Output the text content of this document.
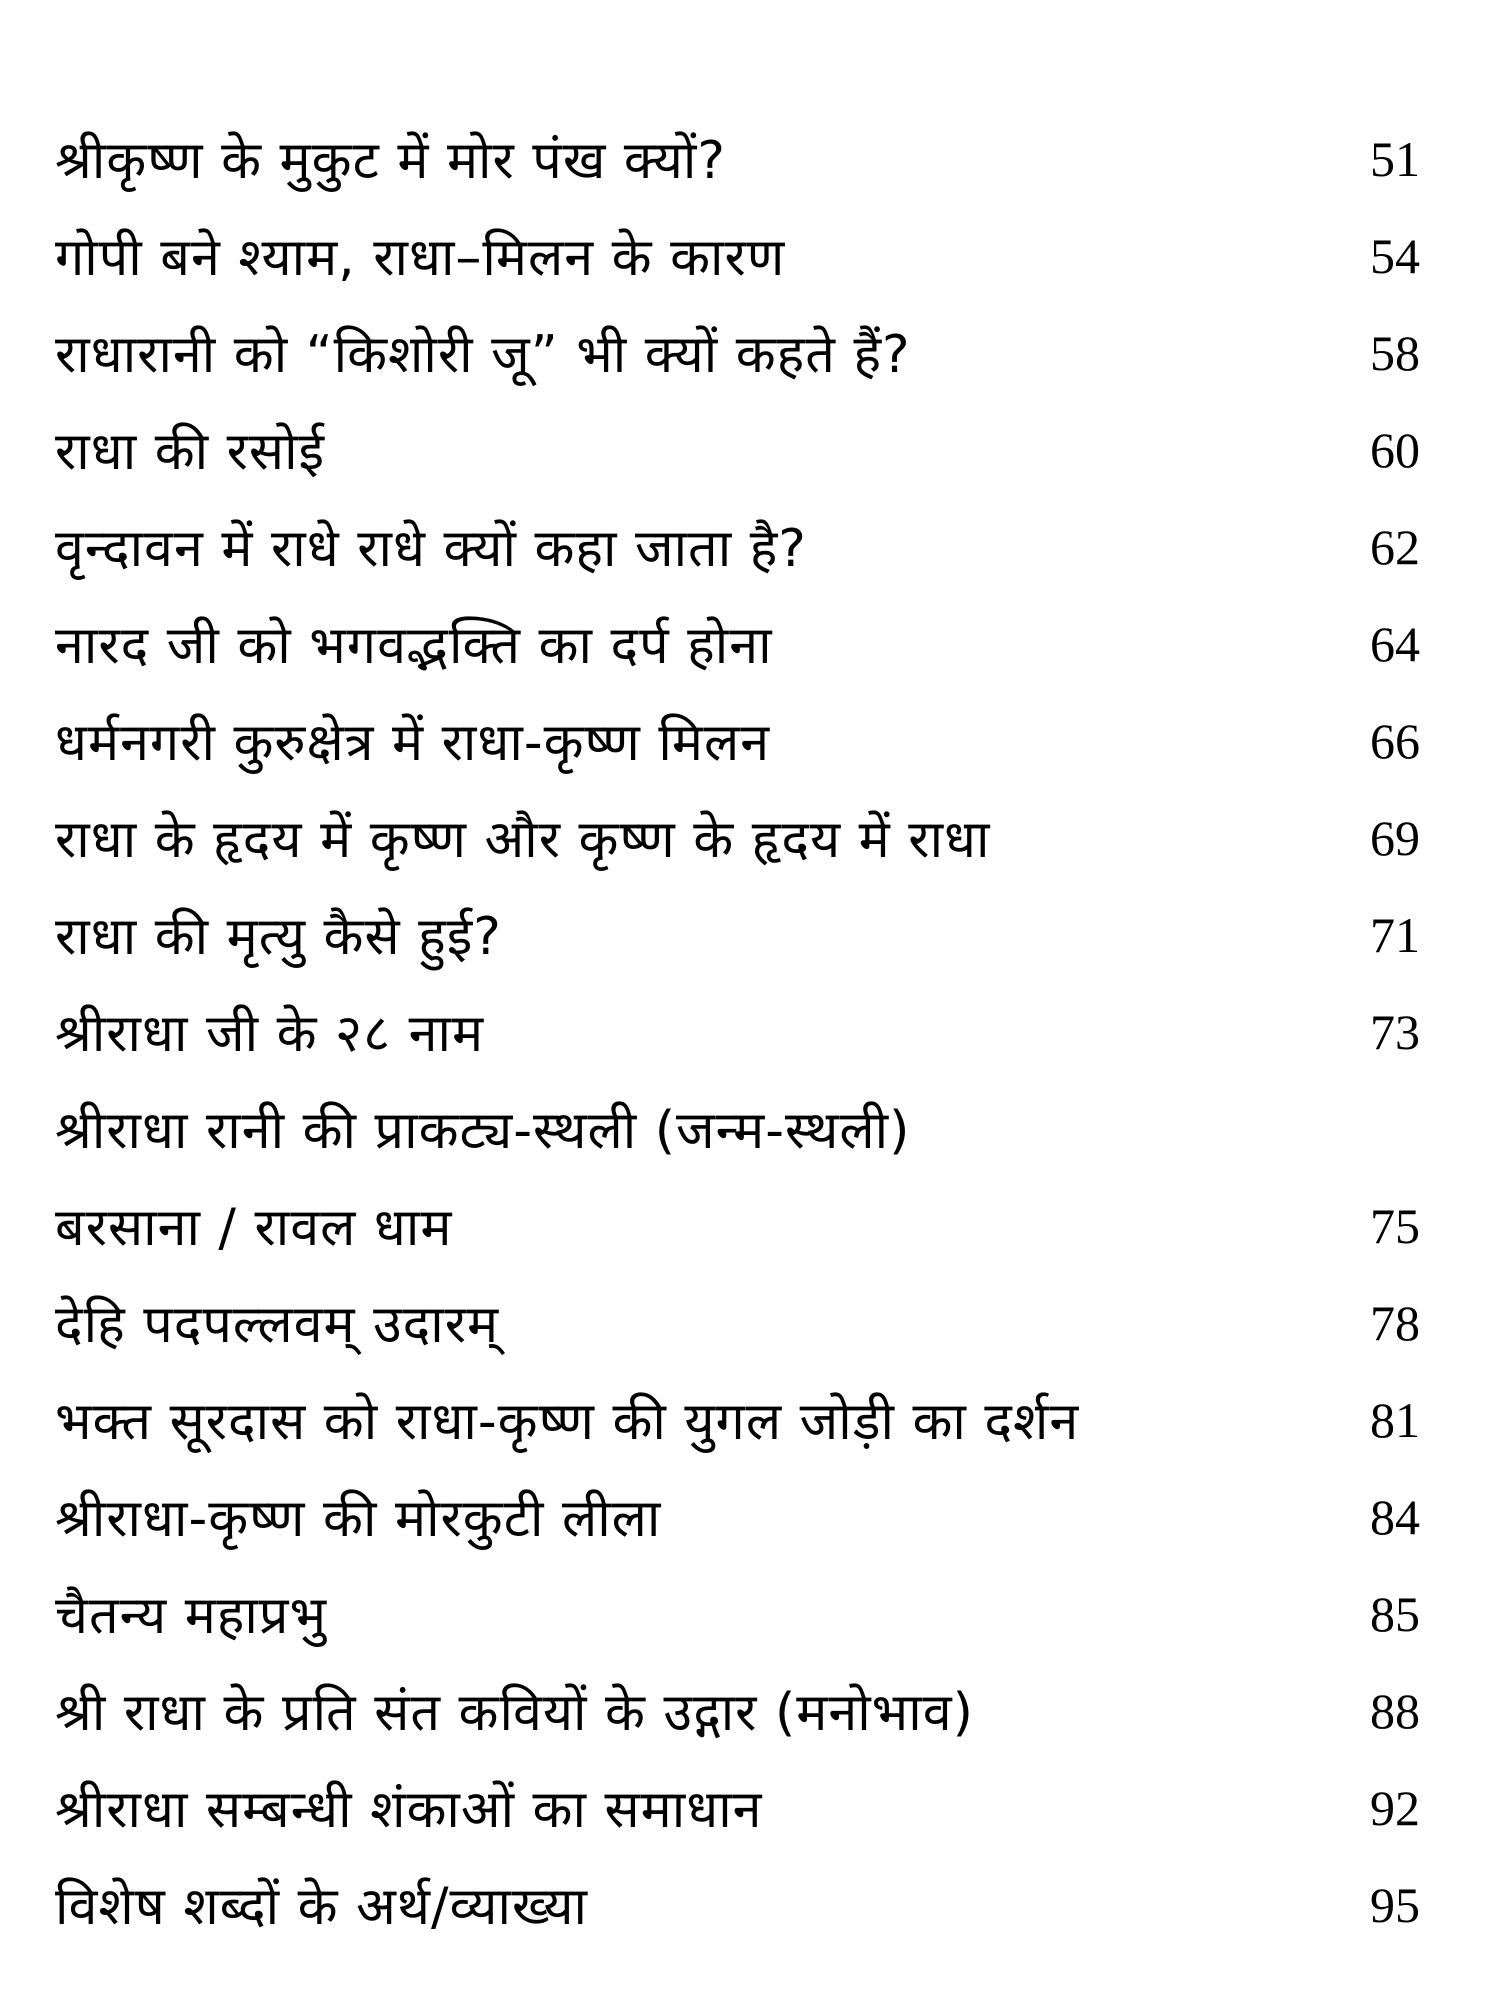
श्रीकृष्ण के मुकुट में मोर पंख क्यों?	51
गोपी बने श्याम, राधा–मिलन के कारण	54
राधारानी को “किशोरी जू” भी क्यों कहते हैं?	58
राधा की रसोई	60
वृन्दावन में राधे राधे क्यों कहा जाता है?	62
नारद जी को भगवद्भक्ति का दर्प होना	64
धर्मनगरी कुरुक्षेत्र में राधा-कृष्ण मिलन	66
राधा के हृदय में कृष्ण और कृष्ण के हृदय में राधा	69
राधा की मृत्यु कैसे हुई?	71
श्रीराधा जी के २८ नाम	73
श्रीराधा रानी की प्राकट्य-स्थली (जन्म-स्थली)
बरसाना / रावल धाम	75
देहि पदपल्लवम् उदारम्	78
भक्त सूरदास को राधा-कृष्ण की युगल जोड़ी का दर्शन	81
श्रीराधा-कृष्ण की मोरकुटी लीला	84
चैतन्य महाप्रभु	85
श्री राधा के प्रति संत कवियों के उद्गार (मनोभाव)	88
श्रीराधा सम्बन्धी शंकाओं का समाधान	92
विशेष शब्दों के अर्थ/व्याख्या	95
